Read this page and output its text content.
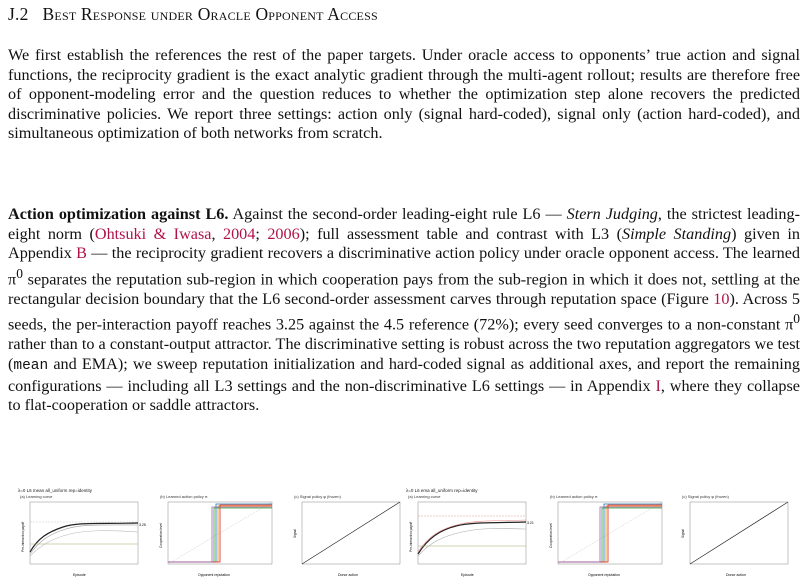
J.2 Best Response under Oracle Opponent Access
We first establish the references the rest of the paper targets. Under oracle access to opponents’ true action and signal functions, the reciprocity gradient is the exact analytic gradient through the multi-agent rollout; results are therefore free of opponent-modeling error and the question reduces to whether the optimization step alone recovers the predicted discriminative policies. We report three settings: action only (signal hard-coded), signal only (action hard-coded), and simultaneous optimization of both networks from scratch.
Action optimization against L6. Against the second-order leading-eight rule L6 — Stern Judging, the strictest leading-eight norm (Ohtsuki & Iwasa, 2004; 2006); full assessment table and contrast with L3 (Simple Standing) given in Appendix B — the reciprocity gradient recovers a discriminative action policy under oracle opponent access. The learned $\pi^0$ separates the reputation sub-region in which cooperation pays from the sub-region in which it does not, settling at the rectangular decision boundary that the L6 second-order assessment carves through reputation space (Figure 10). Across 5 seeds, the per-interaction payoff reaches 3.25 against the 4.5 reference (72%); every seed converges to a non-constant $\pi^0$ rather than to a constant-output attractor. The discriminative setting is robust across the two reputation aggregators we test (mean and EMA); we sweep reputation initialization and hard-coded signal as additional axes, and report the remaining configurations — including all L3 settings and the non-discriminative L6 settings — in Appendix I, where they collapse to flat-cooperation or saddle attractors.
λ=0 L6 mean all_uniform rep=identity	λ=0 L6 ema all_uniform rep=identity
(a) Learning curve
3.25
Episode
Per-interaction payoff
(b) Learned action policy π
Opponent reputation
Cooperation level
(c) Signal policy φ (frozen)
Donor action
Signal
(a) Learning curve
3.21
Episode
Per-interaction payoff
(b) Learned action policy π
Opponent reputation
Cooperation level
(c) Signal policy φ (frozen)
Donor action
Signal
